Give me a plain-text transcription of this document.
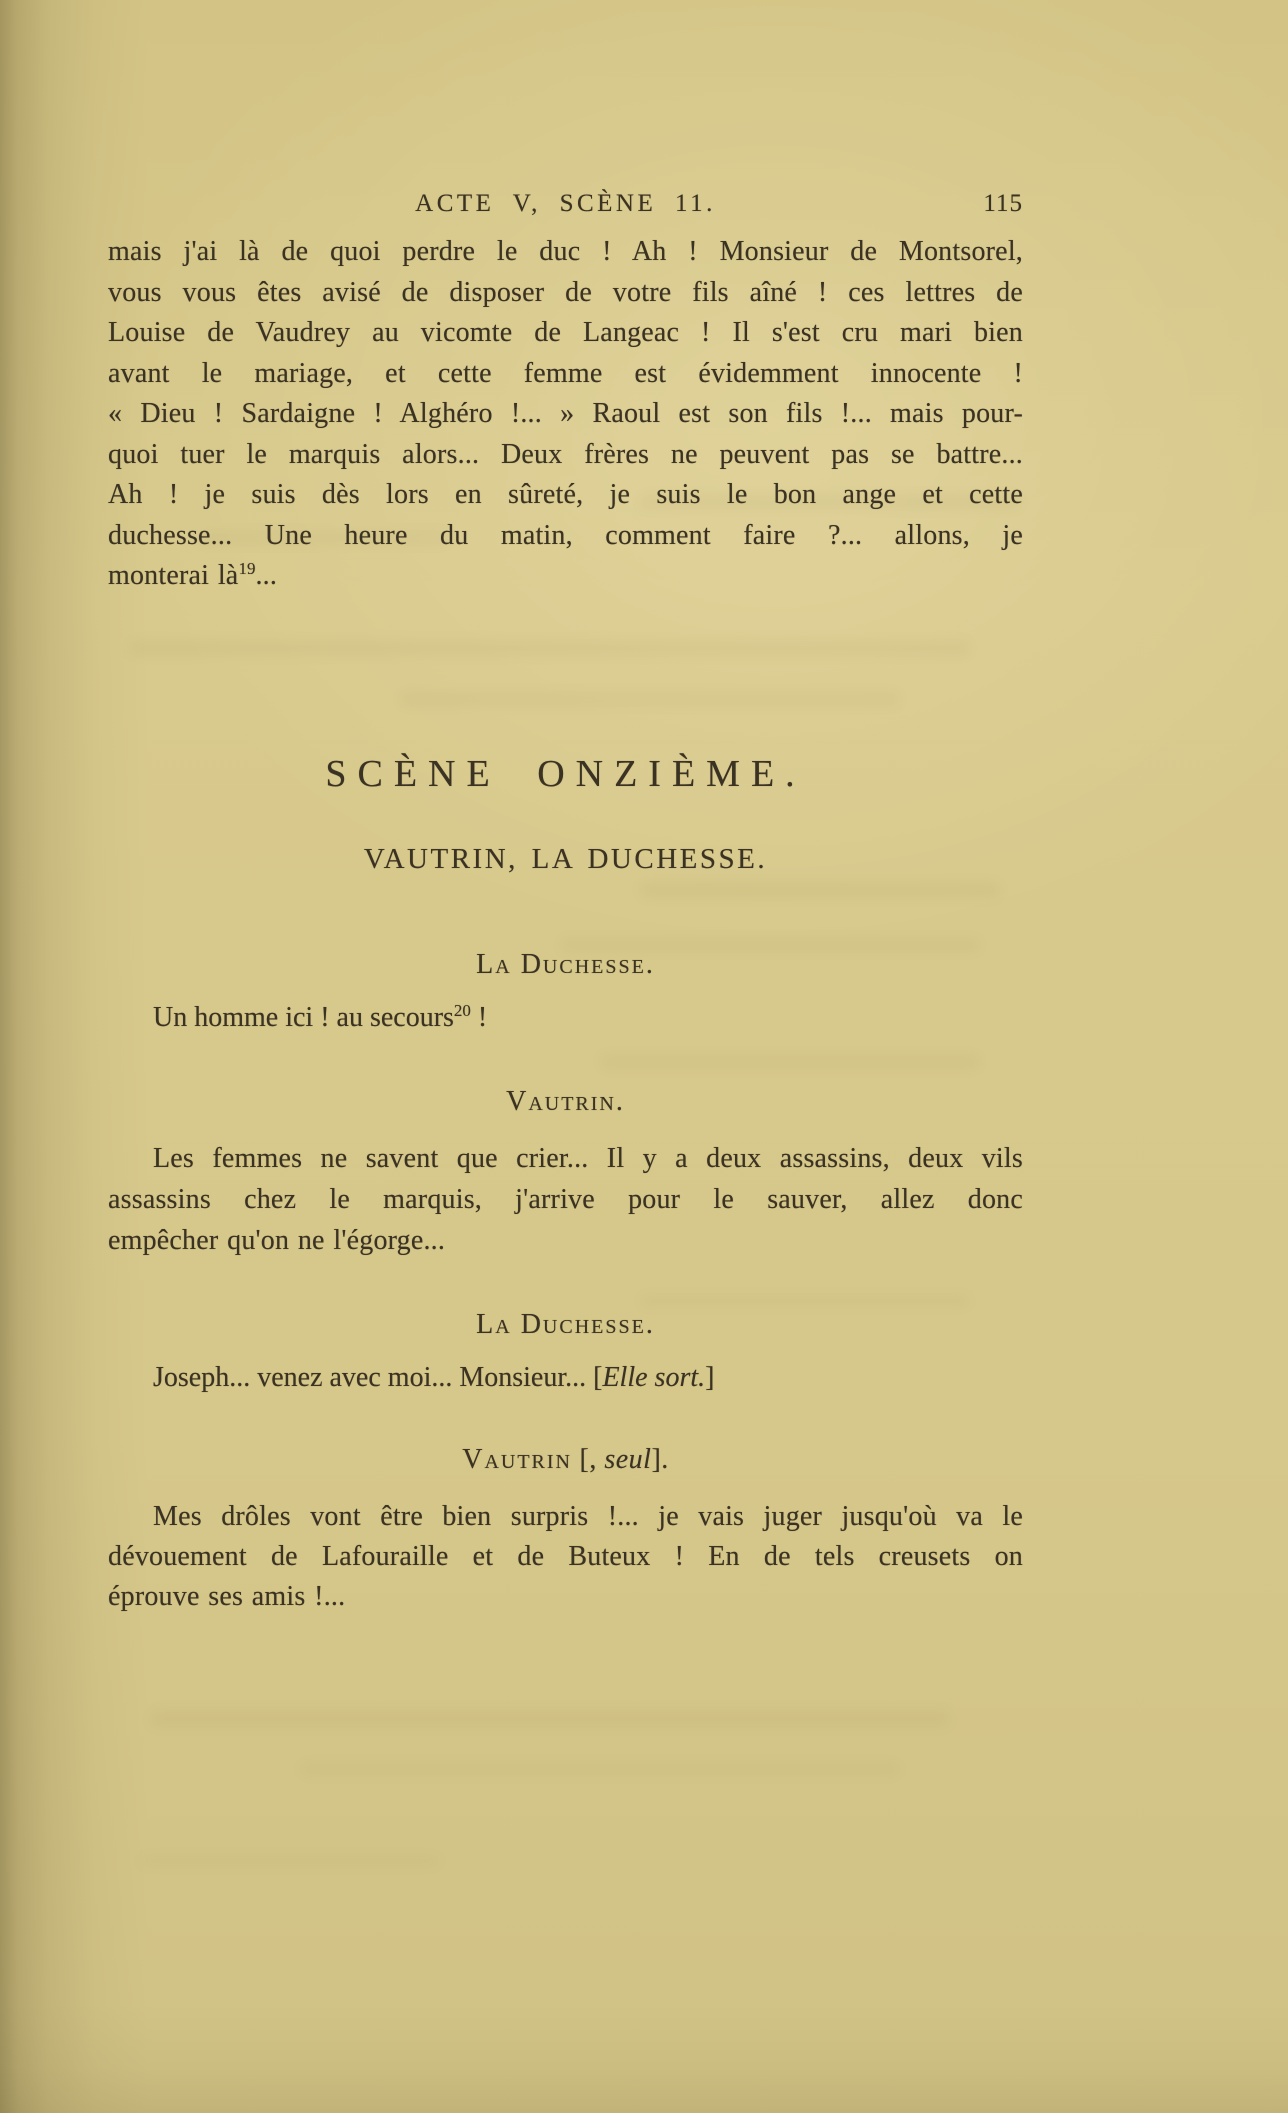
ACTE V, SCÈNE 11.	115
mais j'ai là de quoi perdre le duc ! Ah ! Monsieur de Montsorel,
vous vous êtes avisé de disposer de votre fils aîné ! ces lettres de
Louise de Vaudrey au vicomte de Langeac ! Il s'est cru mari bien
avant le mariage, et cette femme est évidemment innocente !
« Dieu ! Sardaigne ! Alghéro !... » Raoul est son fils !... mais pour-
quoi tuer le marquis alors... Deux frères ne peuvent pas se battre...
Ah ! je suis dès lors en sûreté, je suis le bon ange et cette
duchesse... Une heure du matin, comment faire ?... allons, je
monterai là$^{19}$...
SCÈNE ONZIÈME.
VAUTRIN, LA DUCHESSE.
La Duchesse.
Un homme ici ! au secours$^{20}$ !
Vautrin.
Les femmes ne savent que crier... Il y a deux assassins, deux vils
assassins chez le marquis, j'arrive pour le sauver, allez donc
empêcher qu'on ne l'égorge...
La Duchesse.
Joseph... venez avec moi... Monsieur... [Elle sort.]
Vautrin [, seul].
Mes drôles vont être bien surpris !... je vais juger jusqu'où va le
dévouement de Lafouraille et de Buteux ! En de tels creusets on
éprouve ses amis !...
